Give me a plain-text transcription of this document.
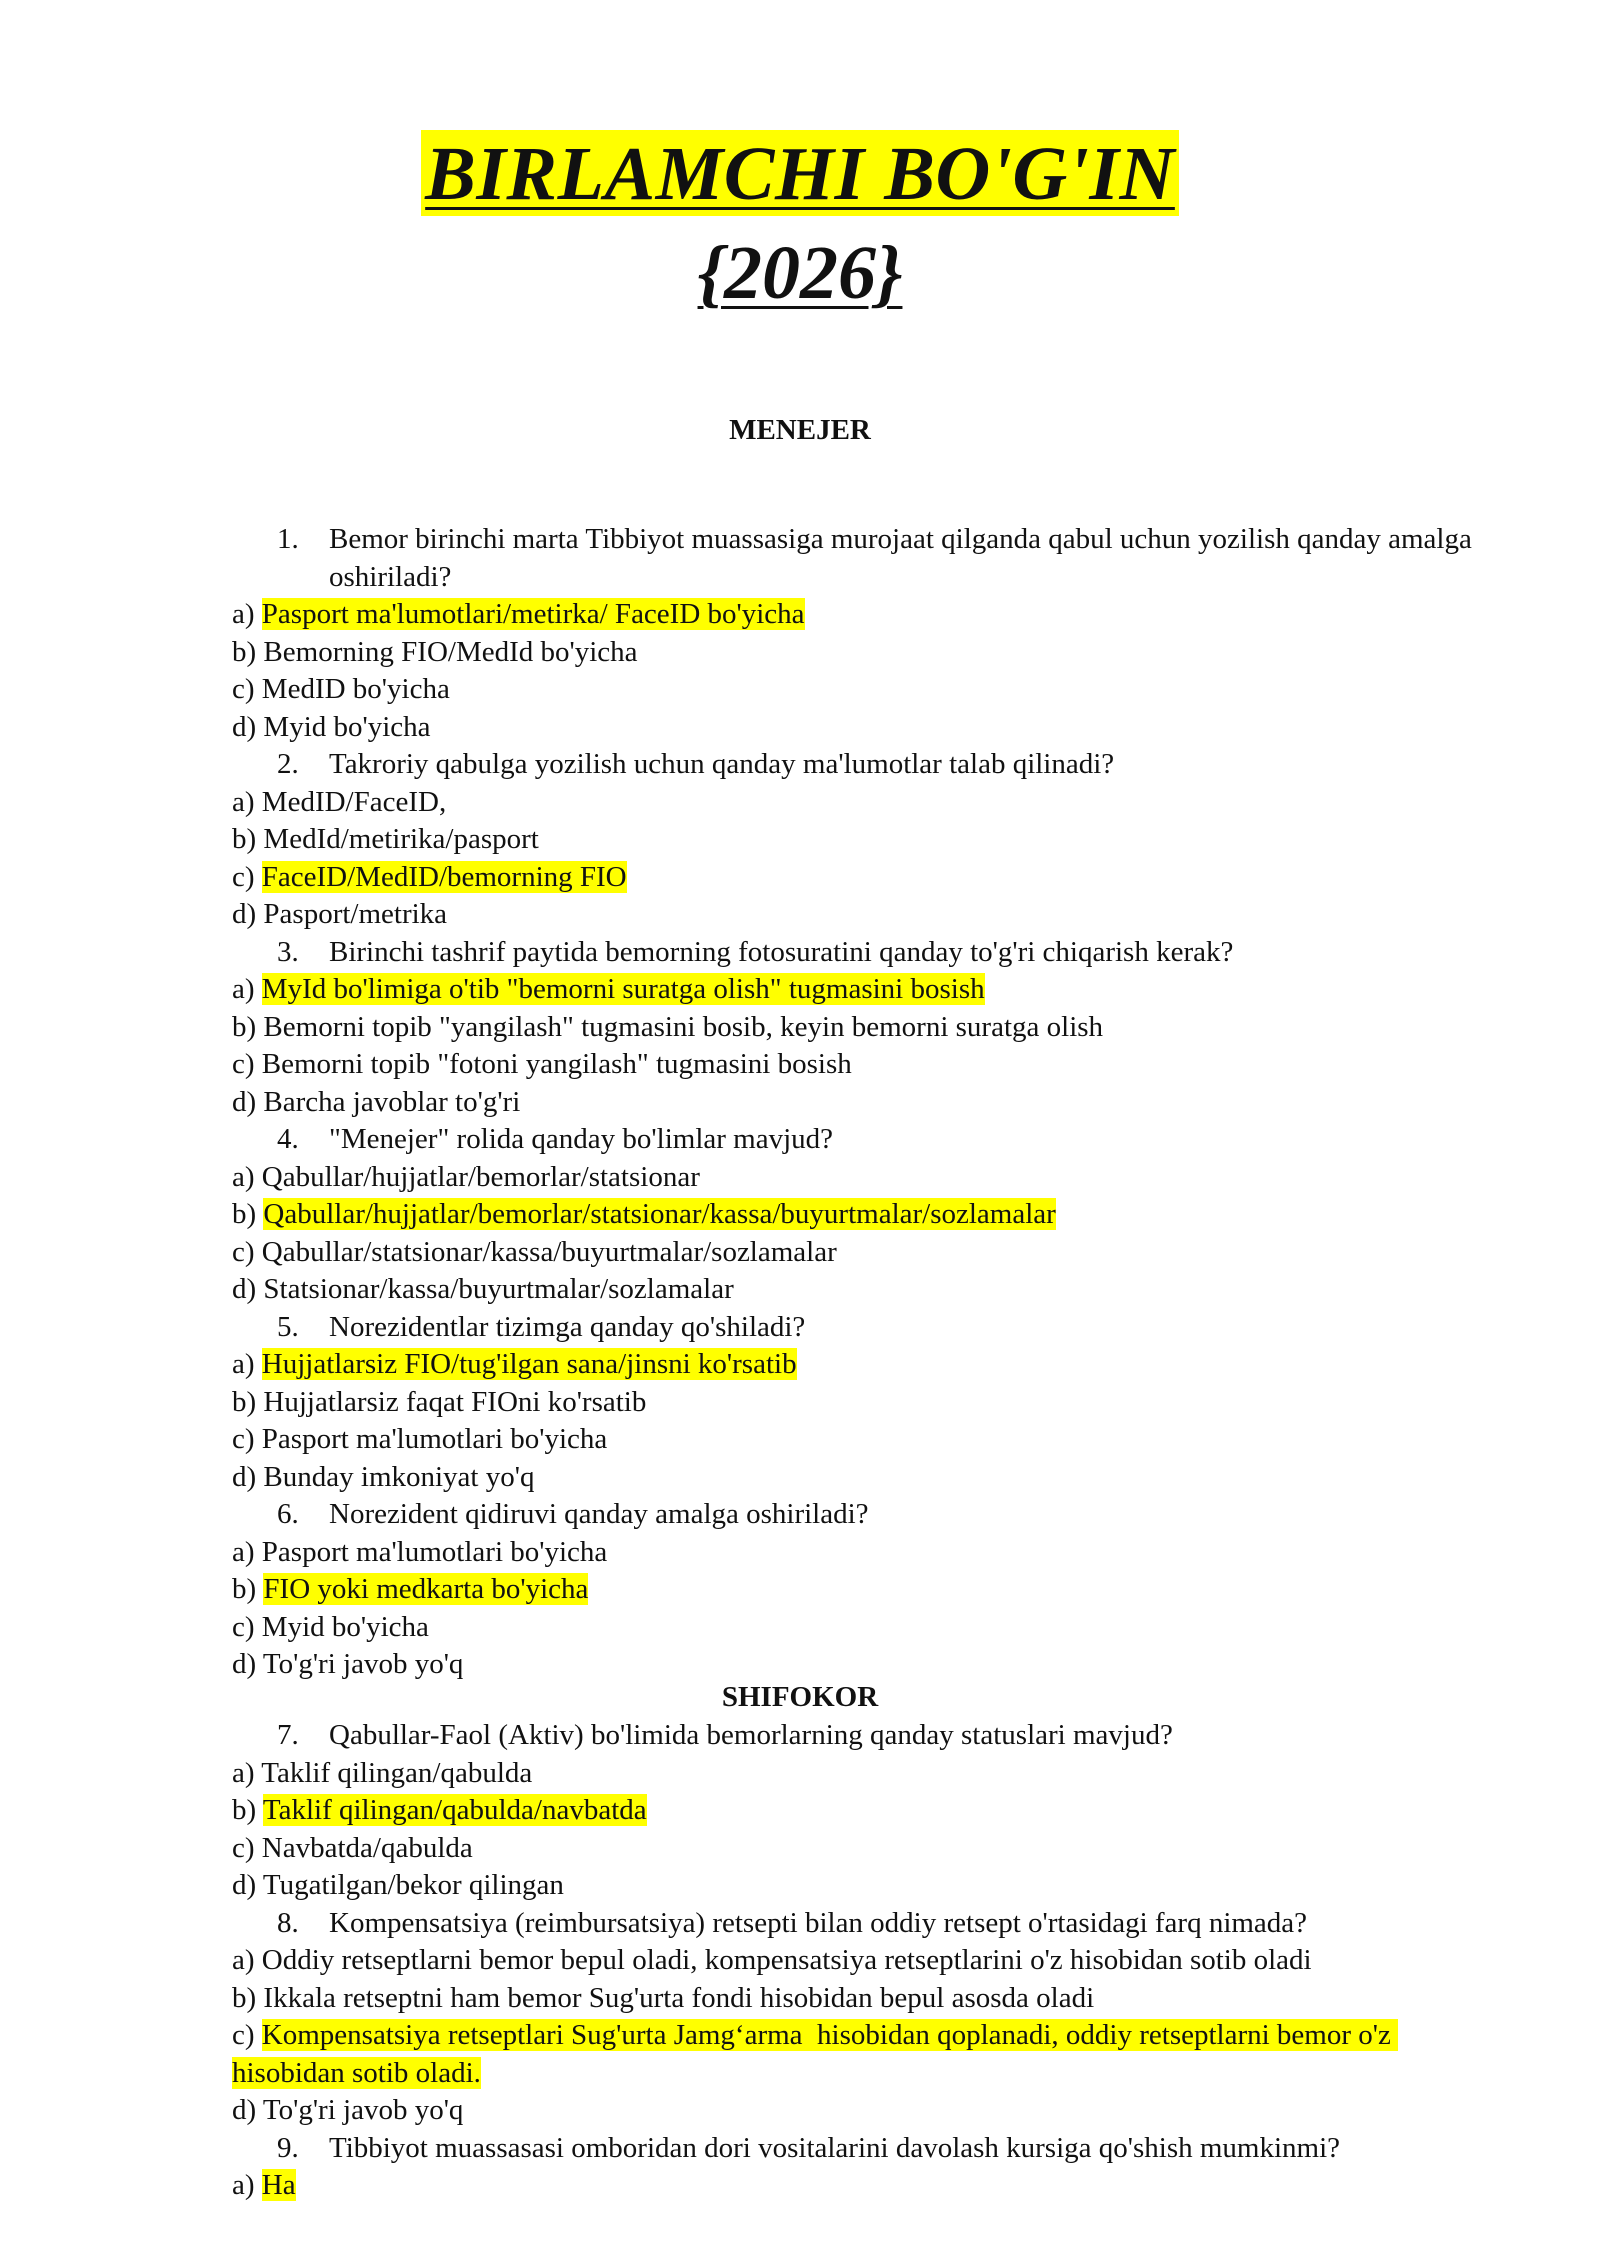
BIRLAMCHI BO'G'IN
{2026}
MENEJER
1.	Bemor birinchi marta Tibbiyot muassasiga murojaat qilganda qabul uchun yozilish qanday amalga oshiriladi?
a) Pasport ma'lumotlari/metirka/ FaceID bo'yicha
b) Bemorning FIO/MedId bo'yicha
c) MedID bo'yicha
d) Myid bo'yicha
2.	Takroriy qabulga yozilish uchun qanday ma'lumotlar talab qilinadi?
a) MedID/FaceID,
b) MedId/metirika/pasport
c) FaceID/MedID/bemorning FIO
d) Pasport/metrika
3.	Birinchi tashrif paytida bemorning fotosuratini qanday to'g'ri chiqarish kerak?
a) MyId bo'limiga o'tib "bemorni suratga olish" tugmasini bosish
b) Bemorni topib "yangilash" tugmasini bosib, keyin bemorni suratga olish
c) Bemorni topib "fotoni yangilash" tugmasini bosish
d) Barcha javoblar to'g'ri
4.	"Menejer" rolida qanday bo'limlar mavjud?
a) Qabullar/hujjatlar/bemorlar/statsionar
b) Qabullar/hujjatlar/bemorlar/statsionar/kassa/buyurtmalar/sozlamalar
c) Qabullar/statsionar/kassa/buyurtmalar/sozlamalar
d) Statsionar/kassa/buyurtmalar/sozlamalar
5.	Norezidentlar tizimga qanday qo'shiladi?
a) Hujjatlarsiz FIO/tug'ilgan sana/jinsni ko'rsatib
b) Hujjatlarsiz faqat FIOni ko'rsatib
c) Pasport ma'lumotlari bo'yicha
d) Bunday imkoniyat yo'q
6.	Norezident qidiruvi qanday amalga oshiriladi?
a) Pasport ma'lumotlari bo'yicha
b) FIO yoki medkarta bo'yicha
c) Myid bo'yicha
d) To'g'ri javob yo'q
SHIFOKOR
7.	Qabullar-Faol (Aktiv) bo'limida bemorlarning qanday statuslari mavjud?
a) Taklif qilingan/qabulda
b) Taklif qilingan/qabulda/navbatda
c) Navbatda/qabulda
d) Tugatilgan/bekor qilingan
8.	Kompensatsiya (reimbursatsiya) retsepti bilan oddiy retsept o'rtasidagi farq nimada?
a) Oddiy retseptlarni bemor bepul oladi, kompensatsiya retseptlarini o'z hisobidan sotib oladi
b) Ikkala retseptni ham bemor Sug'urta fondi hisobidan bepul asosda oladi
c) Kompensatsiya retseptlari Sug'urta Jamg‘arma  hisobidan qoplanadi, oddiy retseptlarni bemor o'z hisobidan sotib oladi.
d) To'g'ri javob yo'q
9.	Tibbiyot muassasasi omboridan dori vositalarini davolash kursiga qo'shish mumkinmi?
a) Ha
